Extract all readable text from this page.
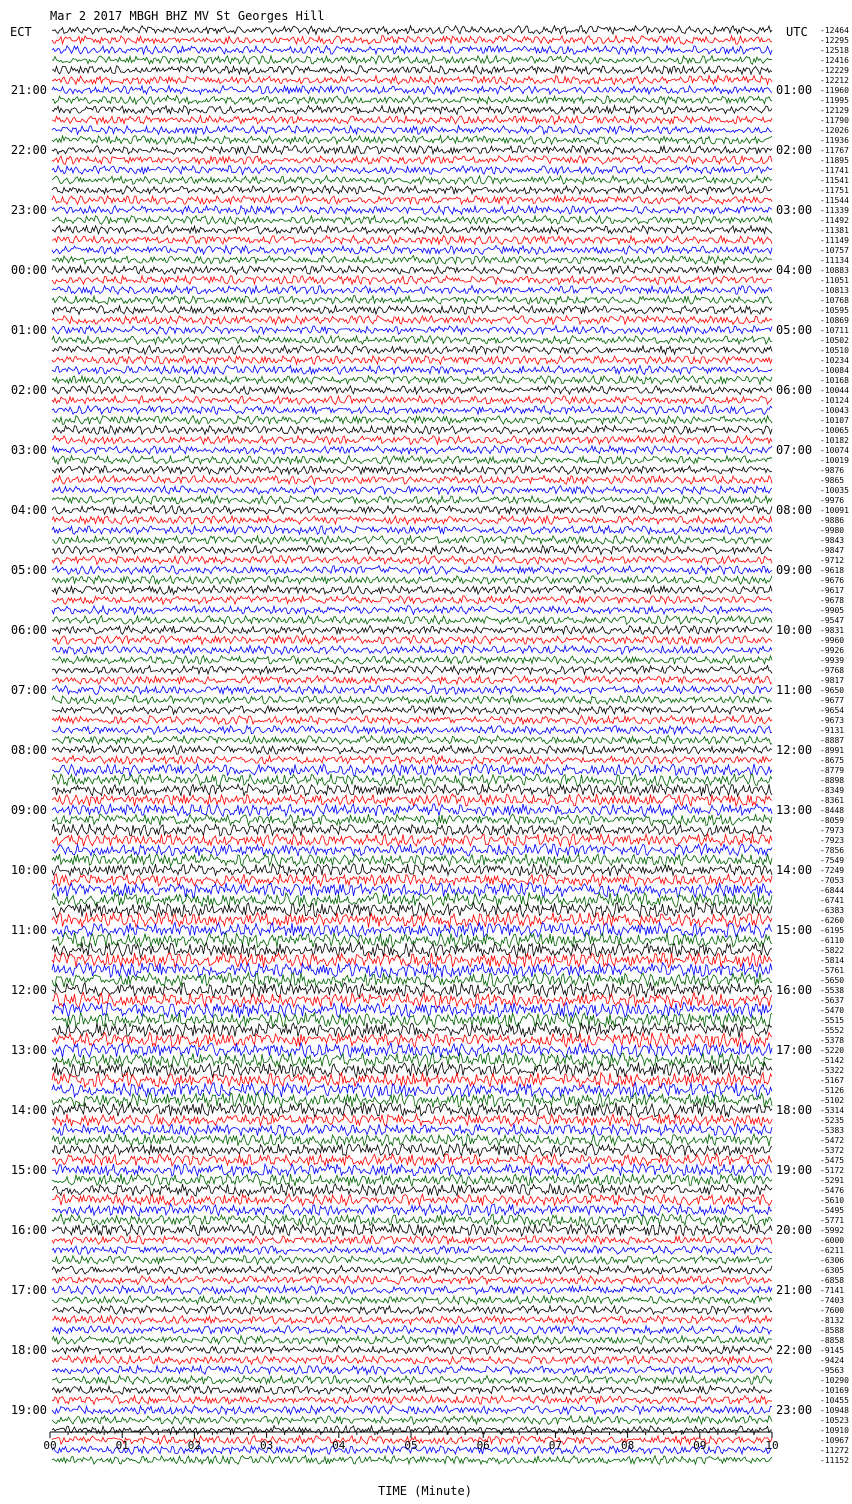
Mar 2 2017 MBGH BHZ MV St Georges Hill
ECT	UTC -12464
-12295
-12518
-12416
-12229
-12212
-11960
-11995
-12129
-11790
-12026
-11936
-11767
-11895
-11741
-11541
-11751
-11544
-11339
-11492
-11381
-11149
-10757
-11134
-10883
-11051
-10813
-10768
-10595
-10869
-10711
-10502
-10510
-10234
-10084
-10168
-10044
-10124
-10043
-10107
-10065
-10182
-10074
-10019
-9876
-9865
-10035
-9976
-10091
-9886
-9980
-9843
-9847
-9712
-9618
-9676
-9617
-9678
-9905
-9547
-9831
-9960
-9926
-9939
-9768
-9817
-9650
-9677
-9654
-9673
-9131
-8887
-8991
-8675
-8779
-8898
-8349
-8361
-8448
-8059
-7973
-7923
-7856
-7549
-7249
-7053
-6844
-6741
-6383
-6260
-6195
-6110
-5822
-5814
-5761
-5650
-5538
-5637
-5470
-5515
-5552
-5378
-5220
-5142
-5322
-5167
-5126
-5102
-5314
-5235
-5383
-5472
-5372
-5475
-5172
-5291
-5476
-5610
-5495
-5771
-5992
-6000
-6211
-6306
-6305
-6858
-7141
-7403
-7600
-8132
-8588
-8858
-9145
-9424
-9563
-10290
-10169
-10455
-10948
-10523
-10910
-10967
-11272
-11152
21:00
22:00
23:00
00:00
01:00
02:00
03:00
04:00
05:00
06:00
07:00
08:00
09:00
10:00
11:00
12:00
13:00
14:00
15:00
16:00
17:00
18:00
19:00
01:00
02:00
03:00
04:00
05:00
06:00
07:00
08:00
09:00
10:00
11:00
12:00
13:00
14:00
15:00
16:00
17:00
18:00
19:00
20:00
21:00
22:00
23:00
00	01	02	03	04	05	06	07	08	09	10
TIME (Minute)
